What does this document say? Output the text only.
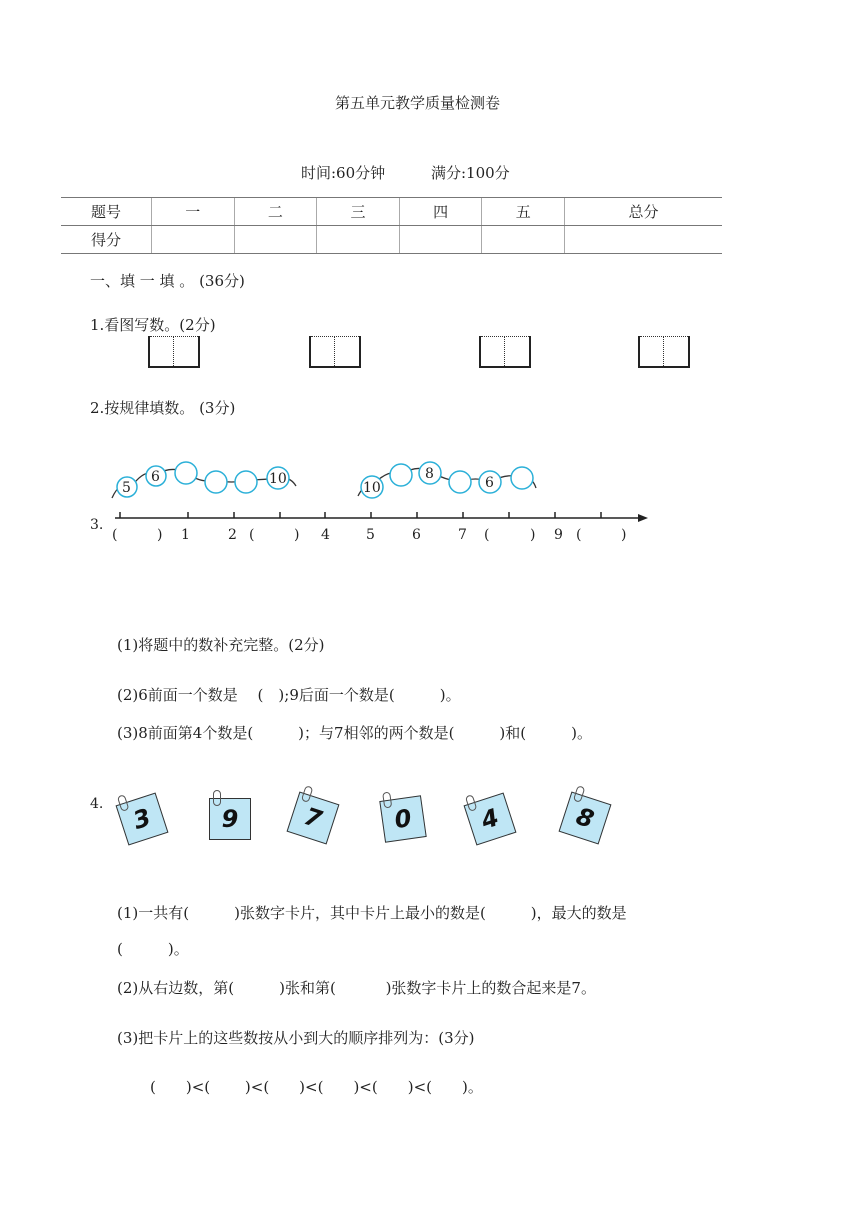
第五单元教学质量检测卷
时间:60分钟	满分:100分
题号	一	二	三	四	五	总分
得分						
一、填 一 填 。 (36分)
1.看图写数。(2分)
2.按规律填数。 (3分)
5
6	10
10
8
6
(	) 1	2 (	) 4	5	6	7 (	) 9 (	)
3.
(1)将题中的数补充完整。(2分)
(2)6前面一个数是　 (　);9后面一个数是(　　　)。
(3)8前面第4个数是(　　　)；与7相邻的两个数是(　　　)和(　　　)。
4. 3	9	7	0	4	8
(1)一共有(　　　)张数字卡片，其中卡片上最小的数是(　　　)，最大的数是
(　　　)。
(2)从右边数，第(　　　)张和第(　　　 )张数字卡片上的数合起来是7。
(3)把卡片上的这些数按从小到大的顺序排列为：(3分)
(　　)<(　　 )<(　　)<(　　)<(　　)<(　　)。
